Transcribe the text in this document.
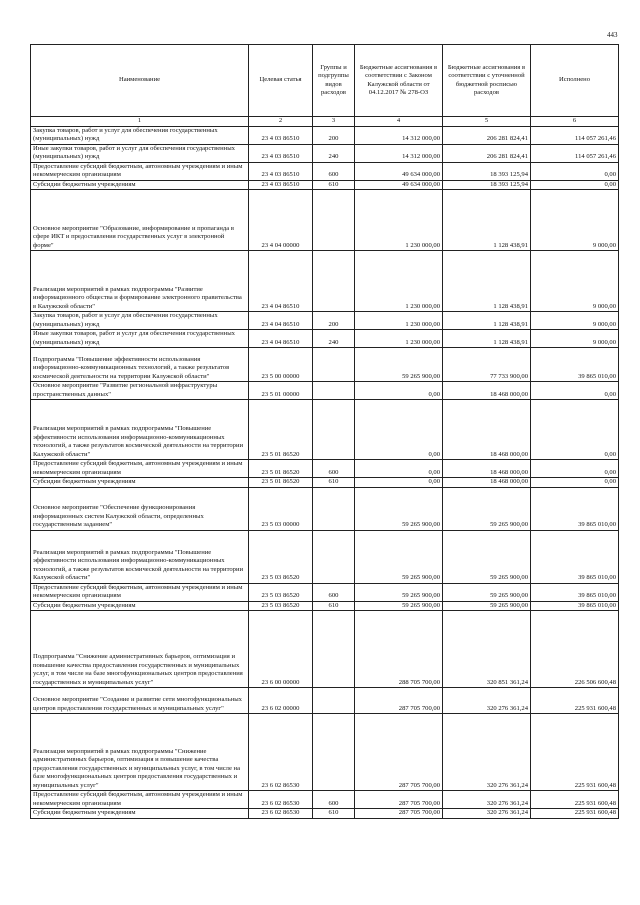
443
Наименование	Целевая статья	Группы и подгруппы видов расходов	Бюджетные ассигнования в соответствии с Законом Калужской области от 04.12.2017 № 278-ОЗ	Бюджетные ассигнования в соответствии с уточненной бюджетной росписью расходов	Исполнено
1	2	3	4	5	6
Закупка товаров, работ и услуг для обеспечения государственных (муниципальных) нужд	23 4 03 86510	200	14 312 000,00	206 281 824,41	114 057 261,46
Иные закупки товаров, работ и услуг для обеспечения государственных (муниципальных) нужд	23 4 03 86510	240	14 312 000,00	206 281 824,41	114 057 261,46
Предоставление субсидий бюджетным, автономным учреждениям и иным некоммерческим организациям	23 4 03 86510	600	49 634 000,00	18 393 125,94	0,00
Субсидии бюджетным учреждениям	23 4 03 86510	610	49 634 000,00	18 393 125,94	0,00
Основное мероприятие "Образование, информирование и пропаганда в сфере ИКТ и предоставления государственных услуг в электронной форме"	23 4 04 00000		1 230 000,00	1 128 438,91	9 000,00
Реализация мероприятий в рамках подпрограммы "Развитие информационного общества и формирование электронного правительства в Калужской области"	23 4 04 86510		1 230 000,00	1 128 438,91	9 000,00
Закупка товаров, работ и услуг для обеспечения государственных (муниципальных) нужд	23 4 04 86510	200	1 230 000,00	1 128 438,91	9 000,00
Иные закупки товаров, работ и услуг для обеспечения государственных (муниципальных) нужд	23 4 04 86510	240	1 230 000,00	1 128 438,91	9 000,00
Подпрограмма "Повышение эффективности использования информационно-коммуникационных технологий, а также результатов космической деятельности на территории Калужской области"	23 5 00 00000		59 265 900,00	77 733 900,00	39 865 010,00
Основное мероприятие "Развитие региональной инфраструктуры пространственных данных"	23 5 01 00000		0,00	18 468 000,00	0,00
Реализация мероприятий в рамках подпрограммы "Повышение эффективности использования информационно-коммуникационных технологий, а также результатов космической деятельности на территории Калужской области"	23 5 01 86520		0,00	18 468 000,00	0,00
Предоставление субсидий бюджетным, автономным учреждениям и иным некоммерческим организациям	23 5 01 86520	600	0,00	18 468 000,00	0,00
Субсидии бюджетным учреждениям	23 5 01 86520	610	0,00	18 468 000,00	0,00
Основное мероприятие "Обеспечение функционирования информационных систем Калужской области, определенных государственным заданием"	23 5 03 00000		59 265 900,00	59 265 900,00	39 865 010,00
Реализация мероприятий в рамках подпрограммы "Повышение эффективности использования информационно-коммуникационных технологий, а также результатов космической деятельности на территории Калужской области"	23 5 03 86520		59 265 900,00	59 265 900,00	39 865 010,00
Предоставление субсидий бюджетным, автономным учреждениям и иным некоммерческим организациям	23 5 03 86520	600	59 265 900,00	59 265 900,00	39 865 010,00
Субсидии бюджетным учреждениям	23 5 03 86520	610	59 265 900,00	59 265 900,00	39 865 010,00
Подпрограмма "Снижение административных барьеров, оптимизация и повышение качества предоставления государственных и муниципальных услуг, в том числе на базе многофункциональных центров предоставления государственных и муниципальных услуг"	23 6 00 00000		288 705 700,00	320 851 361,24	226 506 600,48
Основное мероприятие "Создание и развитие сети многофункциональных центров предоставления государственных и муниципальных услуг"	23 6 02 00000		287 705 700,00	320 276 361,24	225 931 600,48
Реализация мероприятий в рамках подпрограммы "Снижение административных барьеров, оптимизация и повышение качества предоставления государственных и муниципальных услуг, в том числе на базе многофункциональных центров предоставления государственных и муниципальных услуг"	23 6 02 86530		287 705 700,00	320 276 361,24	225 931 600,48
Предоставление субсидий бюджетным, автономным учреждениям и иным некоммерческим организациям	23 6 02 86530	600	287 705 700,00	320 276 361,24	225 931 600,48
Субсидии бюджетным учреждениям	23 6 02 86530	610	287 705 700,00	320 276 361,24	225 931 600,48
